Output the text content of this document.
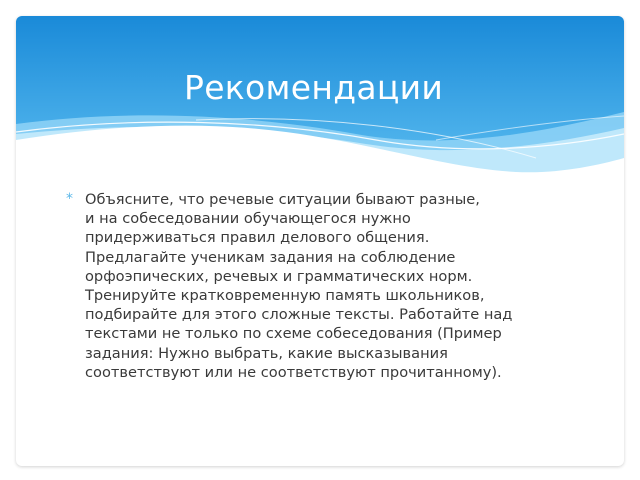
Рекомендации
* Объясните, что речевые ситуации бывают разные,
и на собеседовании обучающегося нужно
придерживаться правил делового общения.
Предлагайте ученикам задания на соблюдение
орфоэпических, речевых и грамматических норм.
Тренируйте кратковременную память школьников,
подбирайте для этого сложные тексты. Работайте над
текстами не только по схеме собеседования (Пример
задания: Нужно выбрать, какие высказывания
соответствуют или не соответствуют прочитанному).
